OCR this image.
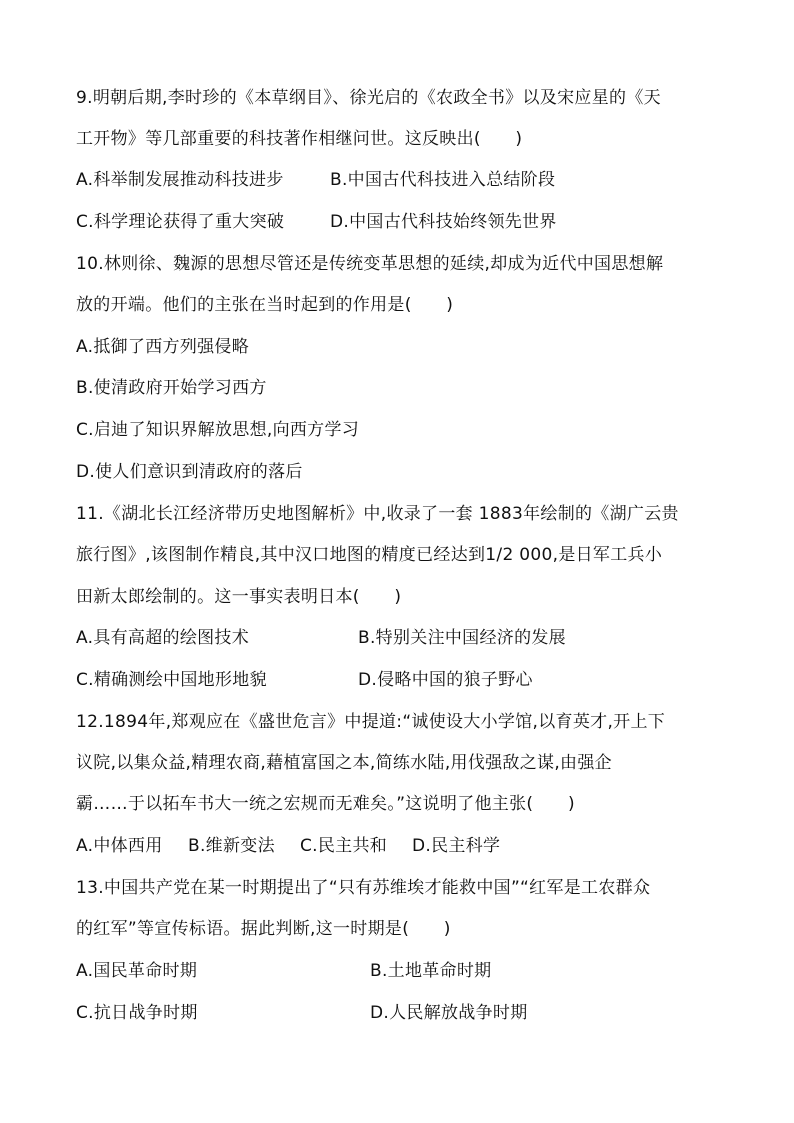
9.明朝后期,李时珍的《本草纲目》、徐光启的《农政全书》以及宋应星的《天
工开物》等几部重要的科技著作相继问世。这反映出(　　)
A.科举制发展推动科技进步	B.中国古代科技进入总结阶段
C.科学理论获得了重大突破	D.中国古代科技始终领先世界
10.林则徐、魏源的思想尽管还是传统变革思想的延续,却成为近代中国思想解
放的开端。他们的主张在当时起到的作用是(　　)
A.抵御了西方列强侵略
B.使清政府开始学习西方
C.启迪了知识界解放思想,向西方学习
D.使人们意识到清政府的落后
11.《湖北长江经济带历史地图解析》中,收录了一套 1883年绘制的《湖广云贵
旅行图》,该图制作精良,其中汉口地图的精度已经达到1/2 000,是日军工兵小
田新太郎绘制的。这一事实表明日本(　　)
A.具有高超的绘图技术	B.特别关注中国经济的发展
C.精确测绘中国地形地貌	D.侵略中国的狼子野心
12.1894年,郑观应在《盛世危言》中提道:“诚使设大小学馆,以育英才,开上下
议院,以集众益,精理农商,藉植富国之本,简练水陆,用伐强敌之谋,由强企
霸……于以拓车书大一统之宏规而无难矣。”这说明了他主张(　　)
A.中体西用 B.维新变法 C.民主共和 D.民主科学
13.中国共产党在某一时期提出了“只有苏维埃才能救中国”“红军是工农群众
的红军”等宣传标语。据此判断,这一时期是(　　)
A.国民革命时期	B.土地革命时期
C.抗日战争时期	D.人民解放战争时期
